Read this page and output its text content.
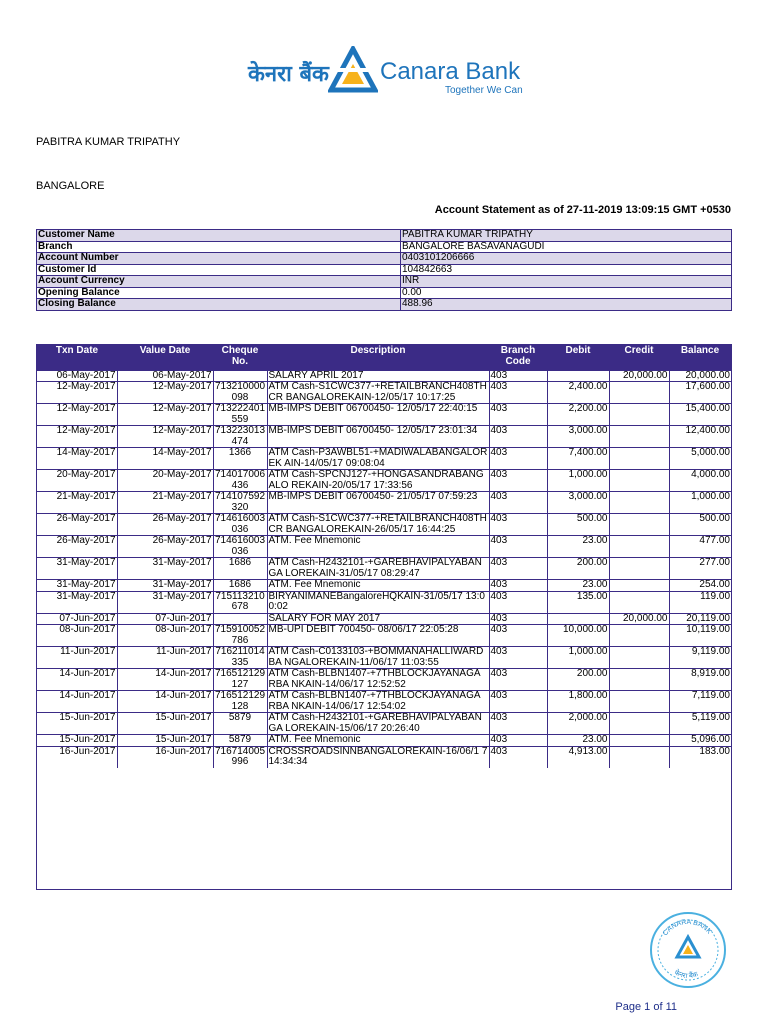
केनरा बैंक Canara Bank
Together We Can
PABITRA KUMAR TRIPATHY
BANGALORE
Account Statement as of 27-11-2019 13:09:15 GMT +0530
Customer Name	PABITRA KUMAR TRIPATHY
Branch	BANGALORE BASAVANAGUDI
Account Number	0403101206666
Customer Id	104842663
Account Currency	INR
Opening Balance	0.00
Closing Balance	488.96
Txn Date	Value Date	Cheque No.	Description	Branch Code	Debit	Credit	Balance
06-May-2017	06-May-2017		SALARY APRIL 2017	403		20,000.00	20,000.00
12-May-2017	12-May-2017	713210000 098	ATM Cash-S1CWC377-+RETAILBRANCH408THCR BANGALOREKAIN-12/05/17 10:17:25	403	2,400.00		17,600.00
12-May-2017	12-May-2017	713222401 559	MB-IMPS DEBIT 06700450- 12/05/17 22:40:15	403	2,200.00		15,400.00
12-May-2017	12-May-2017	713223013 474	MB-IMPS DEBIT 06700450- 12/05/17 23:01:34	403	3,000.00		12,400.00
14-May-2017	14-May-2017	1366	ATM Cash-P3AWBL51-+MADIWALABANGALOREK AIN-14/05/17 09:08:04	403	7,400.00		5,000.00
20-May-2017	20-May-2017	714017006 436	ATM Cash-SPCNJ127-+HONGASANDRABANGALO REKAIN-20/05/17 17:33:56	403	1,000.00		4,000.00
21-May-2017	21-May-2017	714107592 320	MB-IMPS DEBIT 06700450- 21/05/17 07:59:23	403	3,000.00		1,000.00
26-May-2017	26-May-2017	714616003 036	ATM Cash-S1CWC377-+RETAILBRANCH408THCR BANGALOREKAIN-26/05/17 16:44:25	403	500.00		500.00
26-May-2017	26-May-2017	714616003 036	ATM. Fee Mnemonic	403	23.00		477.00
31-May-2017	31-May-2017	1686	ATM Cash-H2432101-+GAREBHAVIPALYABANGA LOREKAIN-31/05/17 08:29:47	403	200.00		277.00
31-May-2017	31-May-2017	1686	ATM. Fee Mnemonic	403	23.00		254.00
31-May-2017	31-May-2017	715113210 678	BIRYANIMANEBangaloreHQKAIN-31/05/17 13:00:02	403	135.00		119.00
07-Jun-2017	07-Jun-2017		SALARY FOR MAY 2017	403		20,000.00	20,119.00
08-Jun-2017	08-Jun-2017	715910052 786	MB-UPI DEBIT 700450- 08/06/17 22:05:28	403	10,000.00		10,119.00
11-Jun-2017	11-Jun-2017	716211014 335	ATM Cash-C0133103-+BOMMANAHALLIWARDBA NGALOREKAIN-11/06/17 11:03:55	403	1,000.00		9,119.00
14-Jun-2017	14-Jun-2017	716512129 127	ATM Cash-BLBN1407-+7THBLOCKJAYANAGARBA NKAIN-14/06/17 12:52:52	403	200.00		8,919.00
14-Jun-2017	14-Jun-2017	716512129 128	ATM Cash-BLBN1407-+7THBLOCKJAYANAGARBA NKAIN-14/06/17 12:54:02	403	1,800.00		7,119.00
15-Jun-2017	15-Jun-2017	5879	ATM Cash-H2432101-+GAREBHAVIPALYABANGA LOREKAIN-15/06/17 20:26:40	403	2,000.00		5,119.00
15-Jun-2017	15-Jun-2017	5879	ATM. Fee Mnemonic	403	23.00		5,096.00
16-Jun-2017	16-Jun-2017	716714005 996	CROSSROADSINNBANGALOREKAIN-16/06/1 7 14:34:34	403	4,913.00		183.00
CANARA BANK
केनरा बैंक
Page 1 of 11
